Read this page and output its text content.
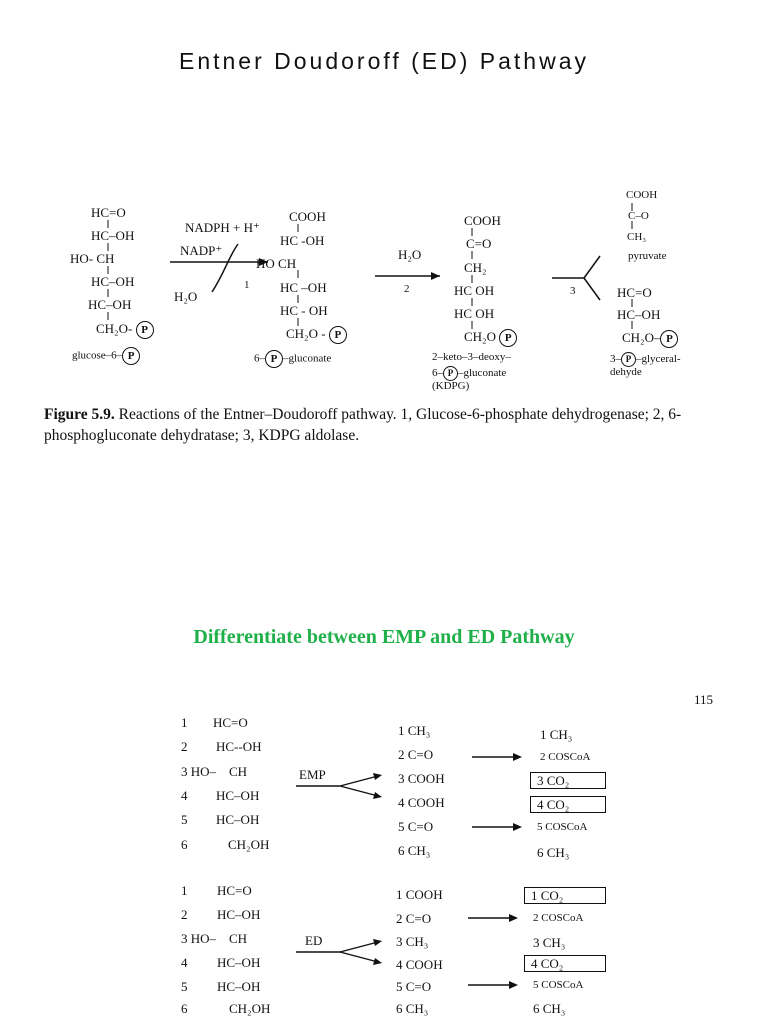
Entner Doudoroff (ED) Pathway
HC=O
HC–OH
HO- CH
HC–OH
HC–OH
CH₂O- P
glucose–6– P
NADPH + H⁺
NADP⁺
H₂O
1
COOH
HC -OH
HO CH
HC –OH
HC - OH
CH₂O - P
6– P –gluconate
H₂O
2
COOH
C=O
CH₂
HC OH
HC OH
CH₂O P
2–keto–3–deoxy–
6– P –gluconate
(KDPG)
3
COOH
C–O
CH₃
pyruvate
HC=O
HC–OH
CH₂O– P
3– P –glyceral-
dehyde
Figure 5.9. Reactions of the Entner–Doudoroff pathway. 1, Glucose-6-phosphate dehydrogenase; 2, 6-phosphogluconate dehydratase; 3, KDPG aldolase.
Differentiate between EMP and ED Pathway
115
1 HC=O
2 HC--OH
3 HO– CH
4 HC–OH
5 HC–OH
6	CH₂OH
EMP
1 CH₃
2 C=O
3 COOH
4 COOH
5 C=O
6 CH₃
1 CH₃
2 COSCoA
3 CO₂
4 CO₂
5 COSCoA
6 CH₃
1 HC=O
2 HC–OH
3 HO– CH
4 HC–OH
5 HC–OH
6	CH₂OH
ED
1 COOH
2 C=O
3 CH₃
4 COOH
5 C=O
6 CH₃
1 CO₂
2 COSCoA
3 CH₃
4 CO₂
5 COSCoA
6 CH₃
